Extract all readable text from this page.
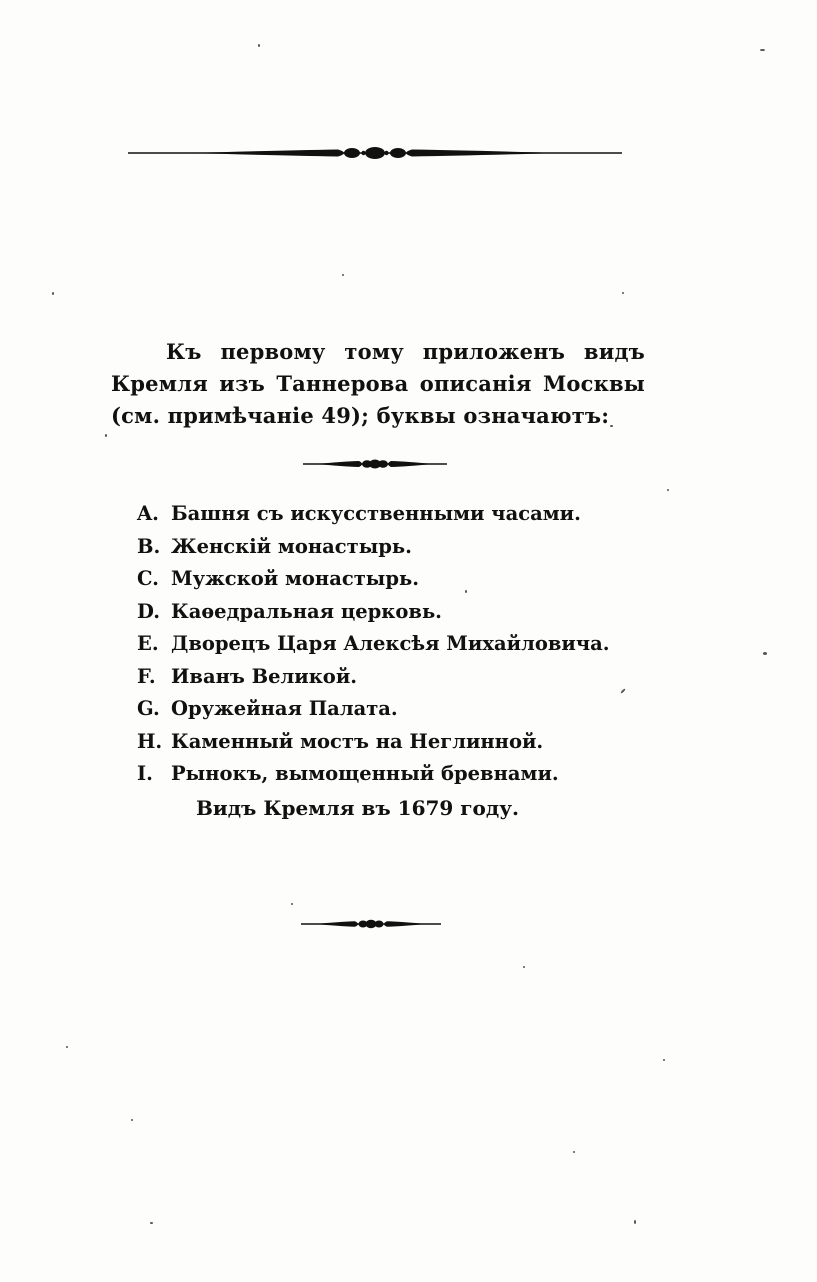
Къ первому тому приложенъ видъ Кремля изъ Таннерова описанія Москвы (см. примѣчаніе 49); буквы означаютъ:

A. Башня съ искусственными часами.
B. Женскій монастырь.
C. Мужской монастырь.
D. Каѳедральная церковь.
E. Дворецъ Царя Алексѣя Михайловича.
F. Иванъ Великой.
G. Оружейная Палата.
H. Каменный мостъ на Неглинной.
I. Рынокъ, вымощенный бревнами.

Видъ Кремля въ 1679 году.
